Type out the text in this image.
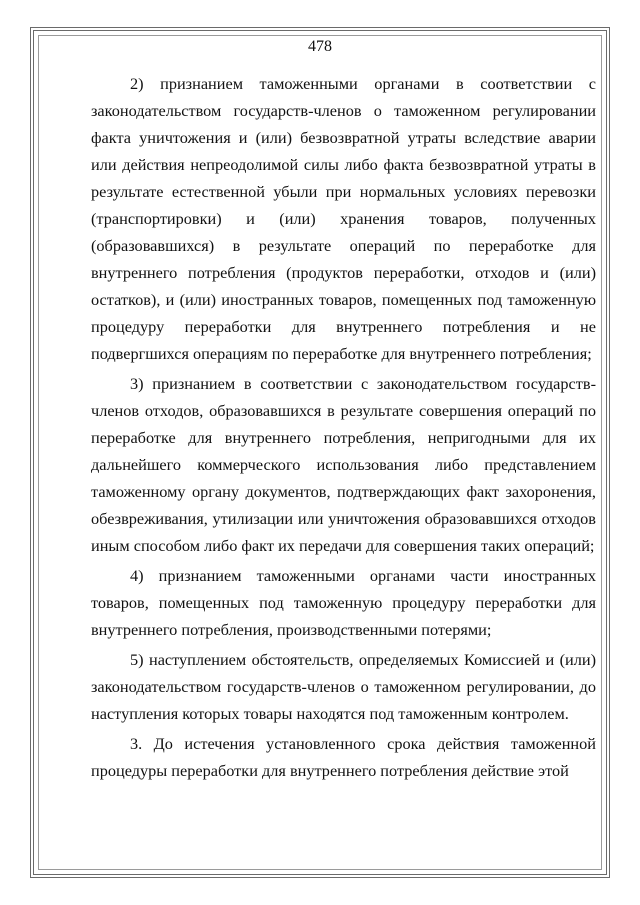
478

2) признанием таможенными органами в соответствии с законодательством государств-членов о таможенном регулировании факта уничтожения и (или) безвозвратной утраты вследствие аварии или действия непреодолимой силы либо факта безвозвратной утраты в результате естественной убыли при нормальных условиях перевозки (транспортировки) и (или) хранения товаров, полученных (образовавшихся) в результате операций по переработке для внутреннего потребления (продуктов переработки, отходов и (или) остатков), и (или) иностранных товаров, помещенных под таможенную процедуру переработки для внутреннего потребления и не подвергшихся операциям по переработке для внутреннего потребления;

3) признанием в соответствии с законодательством государств-членов отходов, образовавшихся в результате совершения операций по переработке для внутреннего потребления, непригодными для их дальнейшего коммерческого использования либо представлением таможенному органу документов, подтверждающих факт захоронения, обезвреживания, утилизации или уничтожения образовавшихся отходов иным способом либо факт их передачи для совершения таких операций;

4) признанием таможенными органами части иностранных товаров, помещенных под таможенную процедуру переработки для внутреннего потребления, производственными потерями;

5) наступлением обстоятельств, определяемых Комиссией и (или) законодательством государств-членов о таможенном регулировании, до наступления которых товары находятся под таможенным контролем.

3. До истечения установленного срока действия таможенной процедуры переработки для внутреннего потребления действие этой
